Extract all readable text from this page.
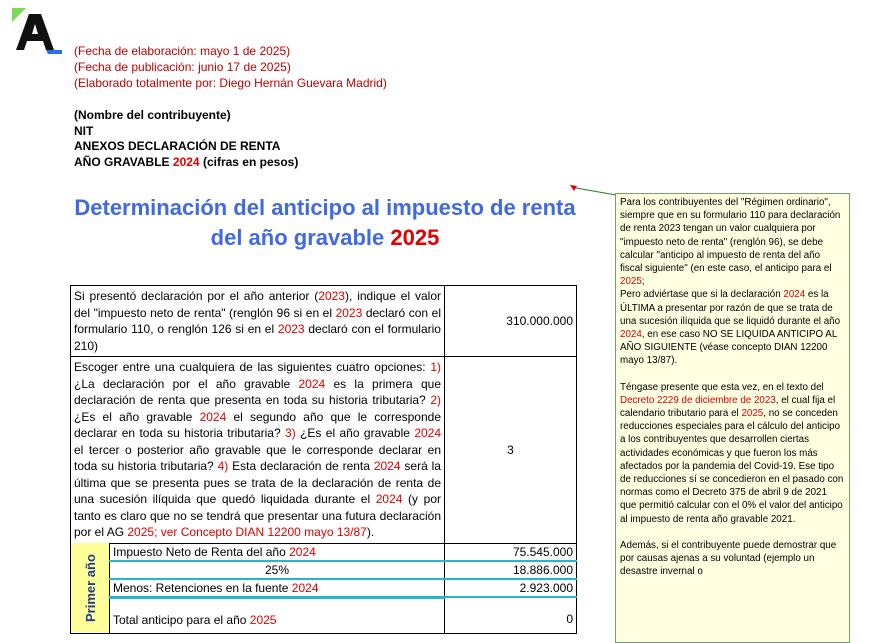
(Fecha de elaboración: mayo 1 de 2025)
(Fecha de publicación: junio 17 de 2025)
(Elaborado totalmente por: Diego Hernán Guevara Madrid)
(Nombre del contribuyente)
NIT
ANEXOS DECLARACIÓN DE RENTA
AÑO GRAVABLE 2024 (cifras en pesos)
Determinación del anticipo al impuesto de renta del año gravable 2025
Si presentó declaración por el año anterior (2023), indique el valor del "impuesto neto de renta" (renglón 96 si en el 2023 declaró con el formulario 110, o renglón 126 si en el 2023 declaró con el formulario 210)		310.000.000
Escoger entre una cualquiera de las siguientes cuatro opciones: 1) ¿La declaración por el año gravable 2024 es la primera que declaración de renta que presenta en toda su historia tributaria? 2) ¿Es el año gravable 2024 el segundo año que le corresponde declarar en toda su historia tributaria? 3) ¿Es el año gravable 2024 el tercer o posterior año gravable que le corresponde declarar en toda su historia tributaria? 4) Esta declaración de renta 2024 será la última que se presenta pues se trata de la declaración de renta de una sucesión ilíquida que quedó liquidada durante el 2024 (y por tanto es claro que no se tendrá que presentar una futura declaración por el AG 2025; ver Concepto DIAN 12200 mayo 13/87).		3
Primer año	Impuesto Neto de Renta del año 2024	75.545.000
	25%	18.886.000
	Menos: Retenciones en la fuente 2024	2.923.000
	Total anticipo para el año 2025	0

Para los contribuyentes del "Régimen ordinario", siempre que en su formulario 110 para declaración de renta 2023 tengan un valor cualquiera por "impuesto neto de renta" (renglón 96), se debe calcular "anticipo al impuesto de renta del año fiscal siguiente" (en este caso, el anticipo para el 2025;

Pero adviértase que si la declaración 2024 es la ÚLTIMA a presentar por razón de que se trata de una sucesión ilíquida que se liquidó durante el año 2024, en ese caso NO SE LIQUIDA ANTICIPO AL AÑO SIGUIENTE (véase concepto DIAN 12200 mayo 13/87).

Téngase presente que esta vez, en el texto del Decreto 2229 de diciembre de 2023, el cual fija el calendario tributario para el 2025, no se conceden reducciones especiales para el cálculo del anticipo a los contribuyentes que desarrollen ciertas actividades económicas y que fueron los más afectados por la pandemia del Covid-19. Ese tipo de reducciones sí se concedieron en el pasado con normas como el Decreto 375 de abril 9 de 2021 que permitió calcular con el 0% el valor del anticipo al impuesto de renta año gravable 2021.

Además, si el contribuyente puede demostrar que por causas ajenas a su voluntad (ejemplo un desastre invernal o
